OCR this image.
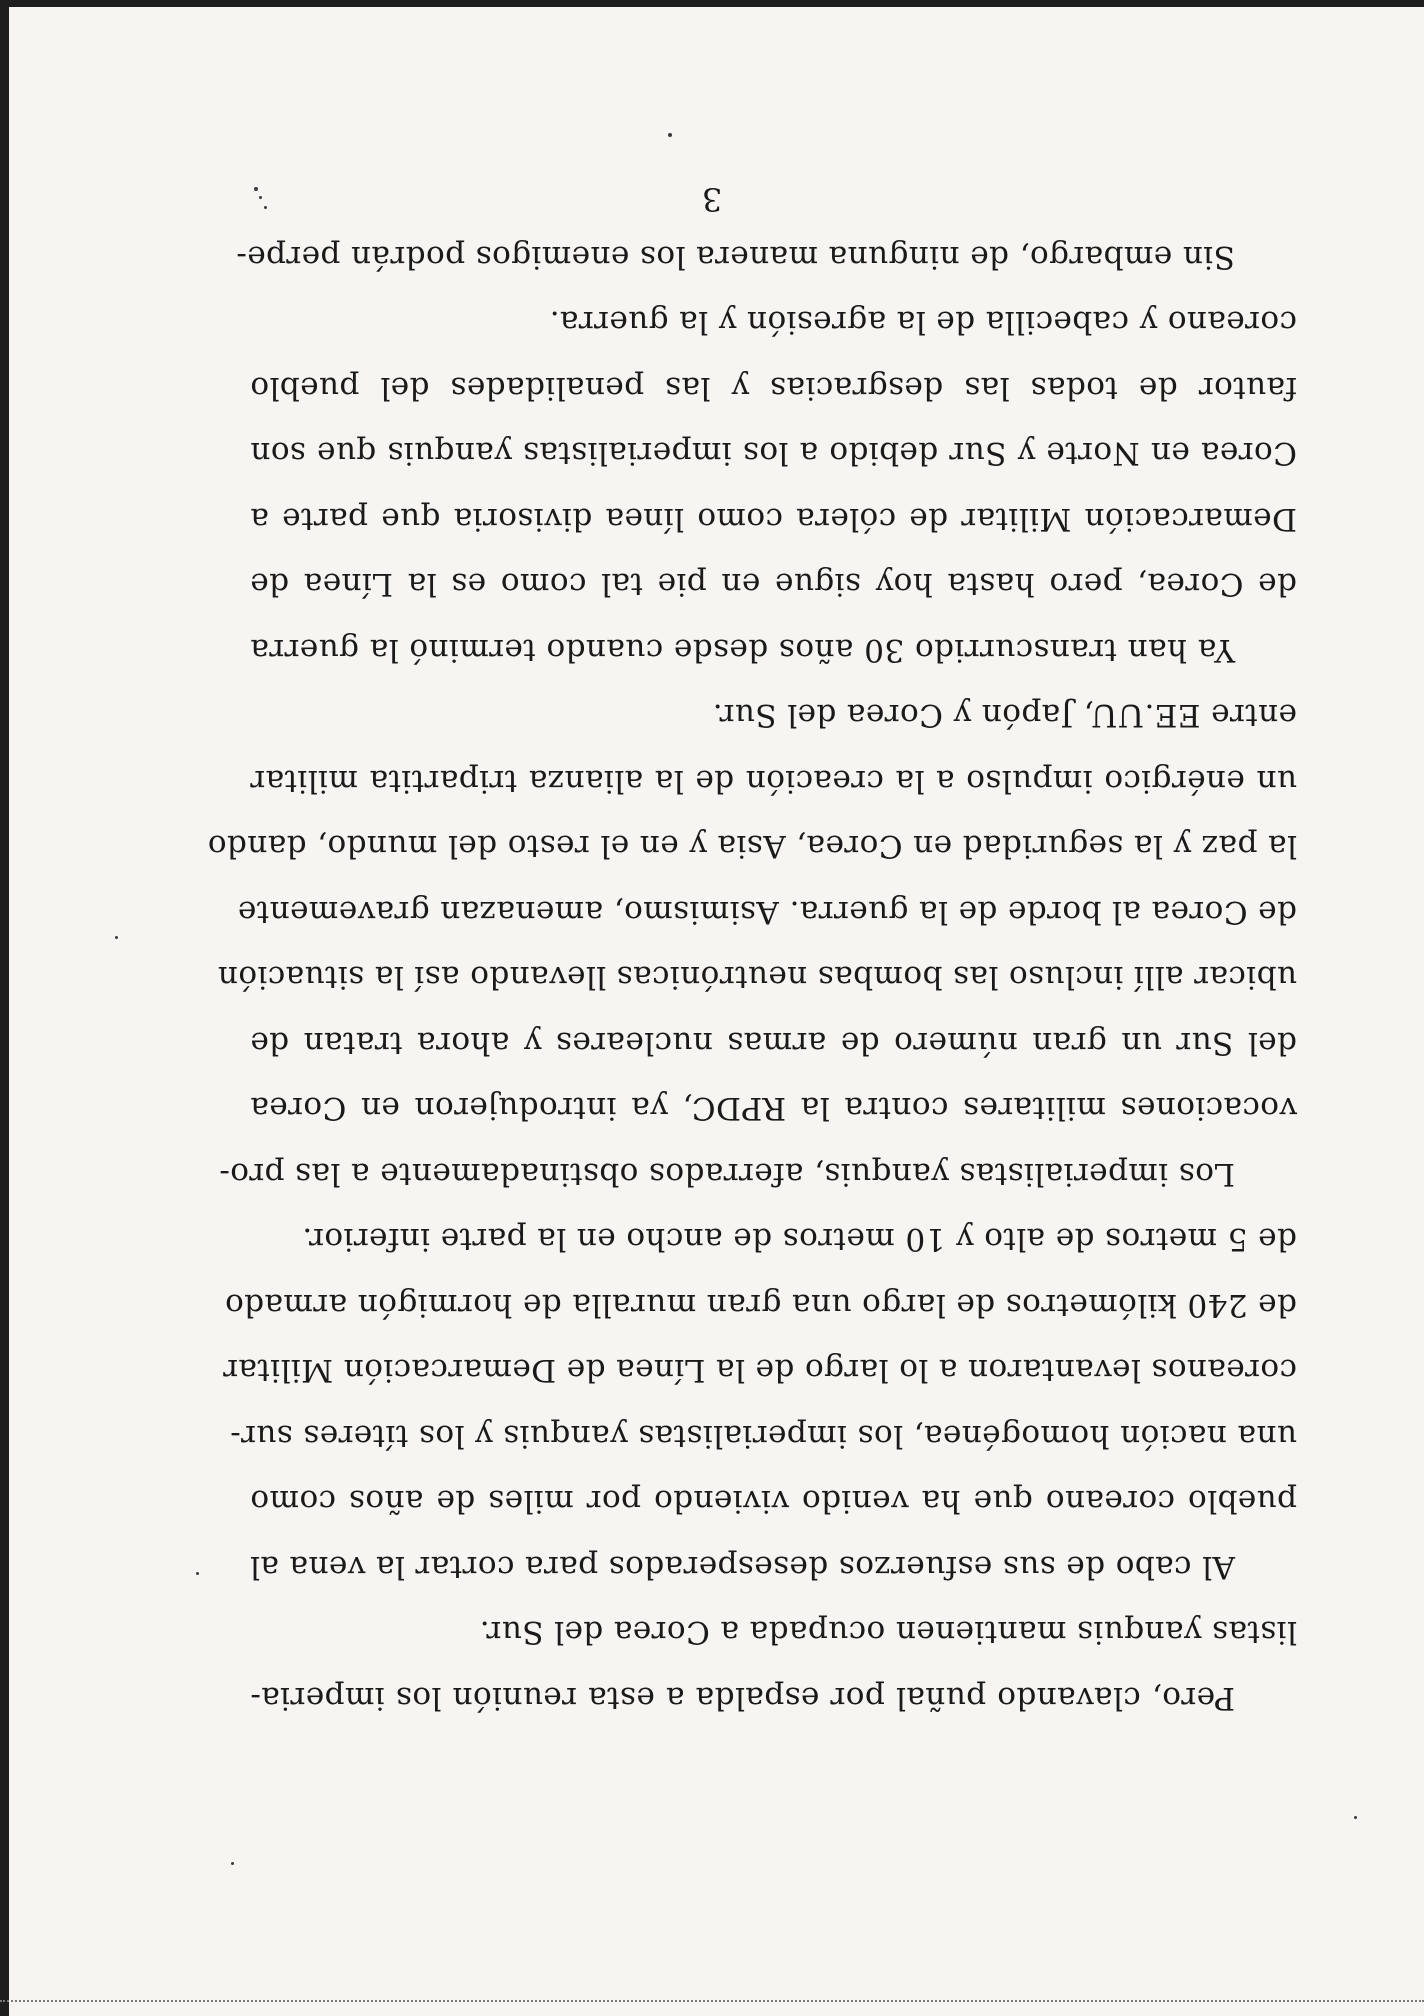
Pero, clavando puñal por espalda a esta reunión los imperia-
listas yanquis mantienen ocupada a Corea del Sur.

Al cabo de sus esfuerzos desesperados para cortar la vena al
pueblo coreano que ha venido viviendo por miles de años como
una nación homogénea, los imperialistas yanquis y los títeres sur-
coreanos levantaron a lo largo de la Línea de Demarcación Militar
de 240 kilómetros de largo una gran muralla de hormigón armado
de 5 metros de alto y 10 metros de ancho en la parte inferior.

Los imperialistas yanquis, aferrados obstinadamente a las pro-
vocaciones militares contra la RPDC, ya introdujeron en Corea
del Sur un gran número de armas nucleares y ahora tratan de
ubicar allí incluso las bombas neutrónicas llevando así la situación
de Corea al borde de la guerra. Asimismo, amenazan gravemente
la paz y la seguridad en Corea, Asia y en el resto del mundo, dando
un enérgico impulso a la creación de la alianza tripartita militar
entre EE.UU, Japón y Corea del Sur.

Ya han transcurrido 30 años desde cuando terminó la guerra
de Corea, pero hasta hoy sigue en pie tal como es la Línea de
Demarcación Militar de cólera como línea divisoria que parte a
Corea en Norte y Sur debido a los imperialistas yanquis que son
fautor de todas las desgracias y las penalidades del pueblo
coreano y cabecilla de la agresión y la guerra.

Sin embargo, de ninguna manera los enemigos podrán perpe-

3
